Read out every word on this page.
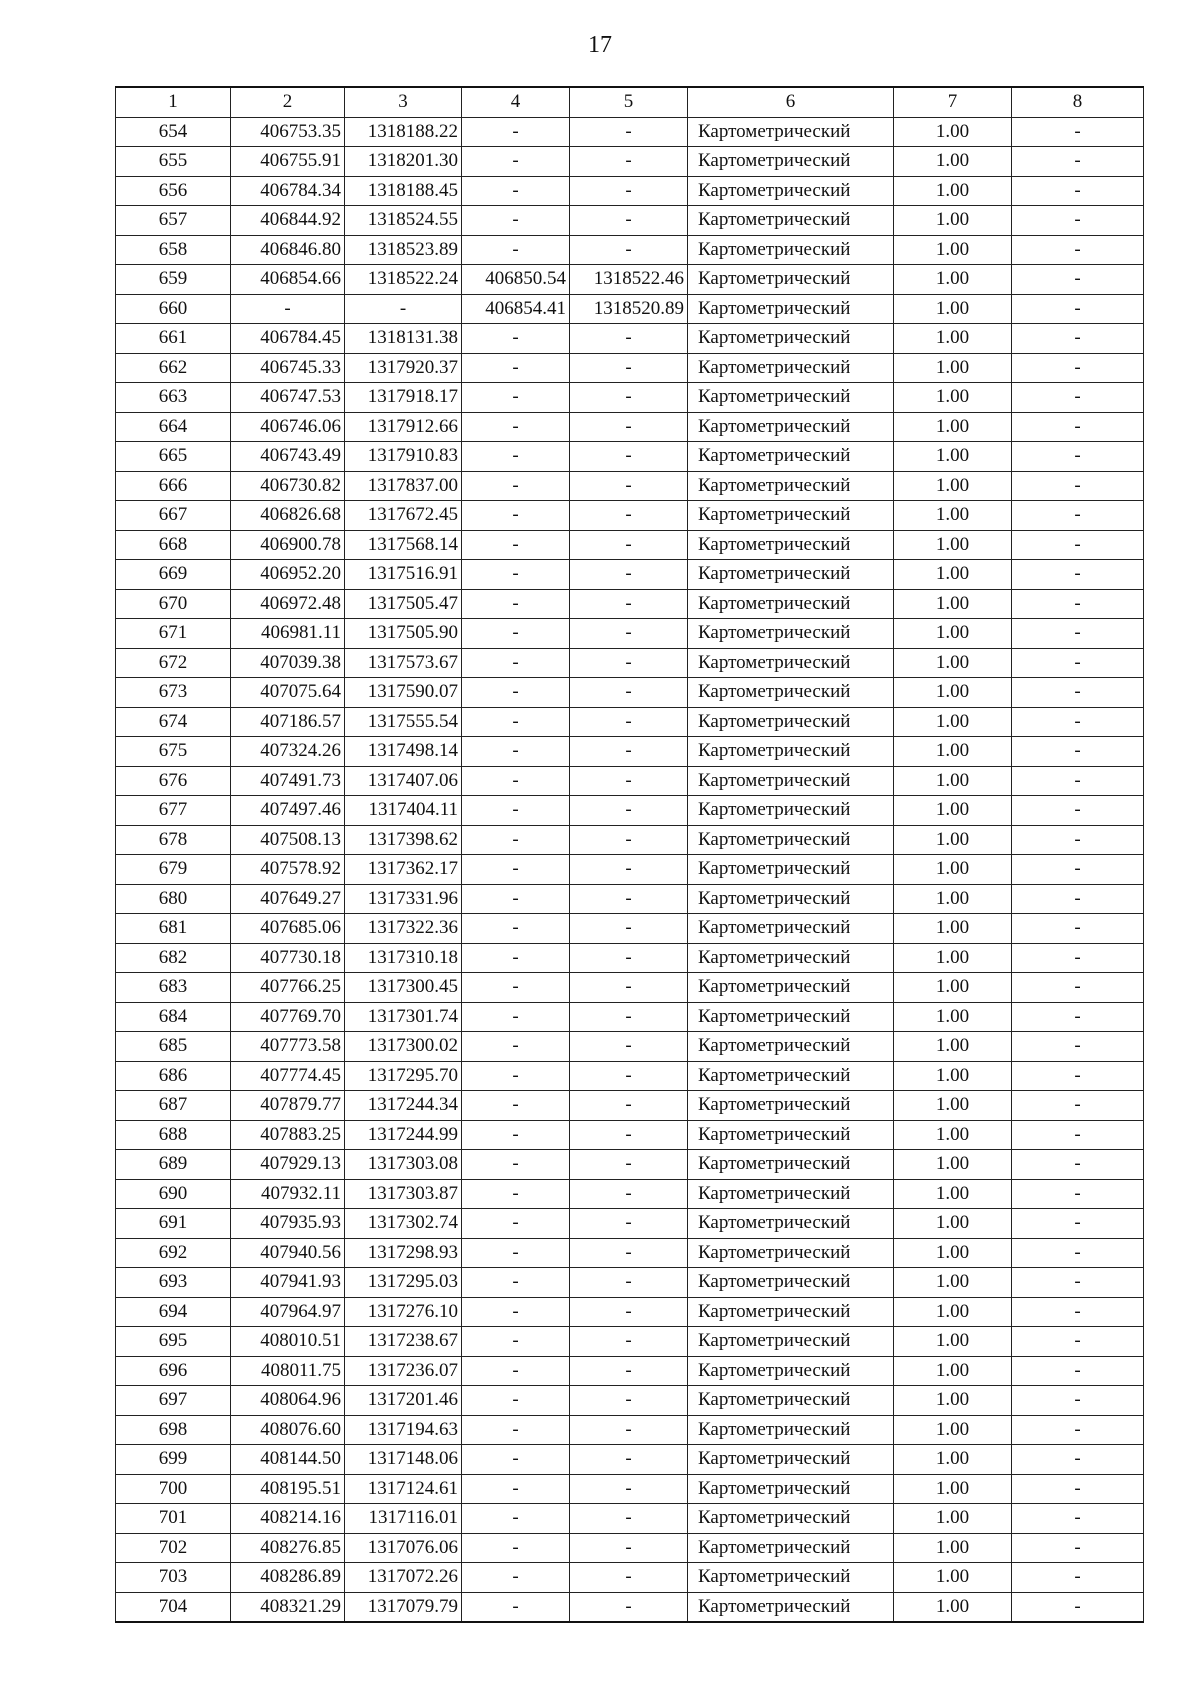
17
1	2	3	4	5	6	7	8
654	406753.35	1318188.22	-	-	Картометрический	1.00	-
655	406755.91	1318201.30	-	-	Картометрический	1.00	-
656	406784.34	1318188.45	-	-	Картометрический	1.00	-
657	406844.92	1318524.55	-	-	Картометрический	1.00	-
658	406846.80	1318523.89	-	-	Картометрический	1.00	-
659	406854.66	1318522.24	406850.54	1318522.46	Картометрический	1.00	-
660	-	-	406854.41	1318520.89	Картометрический	1.00	-
661	406784.45	1318131.38	-	-	Картометрический	1.00	-
662	406745.33	1317920.37	-	-	Картометрический	1.00	-
663	406747.53	1317918.17	-	-	Картометрический	1.00	-
664	406746.06	1317912.66	-	-	Картометрический	1.00	-
665	406743.49	1317910.83	-	-	Картометрический	1.00	-
666	406730.82	1317837.00	-	-	Картометрический	1.00	-
667	406826.68	1317672.45	-	-	Картометрический	1.00	-
668	406900.78	1317568.14	-	-	Картометрический	1.00	-
669	406952.20	1317516.91	-	-	Картометрический	1.00	-
670	406972.48	1317505.47	-	-	Картометрический	1.00	-
671	406981.11	1317505.90	-	-	Картометрический	1.00	-
672	407039.38	1317573.67	-	-	Картометрический	1.00	-
673	407075.64	1317590.07	-	-	Картометрический	1.00	-
674	407186.57	1317555.54	-	-	Картометрический	1.00	-
675	407324.26	1317498.14	-	-	Картометрический	1.00	-
676	407491.73	1317407.06	-	-	Картометрический	1.00	-
677	407497.46	1317404.11	-	-	Картометрический	1.00	-
678	407508.13	1317398.62	-	-	Картометрический	1.00	-
679	407578.92	1317362.17	-	-	Картометрический	1.00	-
680	407649.27	1317331.96	-	-	Картометрический	1.00	-
681	407685.06	1317322.36	-	-	Картометрический	1.00	-
682	407730.18	1317310.18	-	-	Картометрический	1.00	-
683	407766.25	1317300.45	-	-	Картометрический	1.00	-
684	407769.70	1317301.74	-	-	Картометрический	1.00	-
685	407773.58	1317300.02	-	-	Картометрический	1.00	-
686	407774.45	1317295.70	-	-	Картометрический	1.00	-
687	407879.77	1317244.34	-	-	Картометрический	1.00	-
688	407883.25	1317244.99	-	-	Картометрический	1.00	-
689	407929.13	1317303.08	-	-	Картометрический	1.00	-
690	407932.11	1317303.87	-	-	Картометрический	1.00	-
691	407935.93	1317302.74	-	-	Картометрический	1.00	-
692	407940.56	1317298.93	-	-	Картометрический	1.00	-
693	407941.93	1317295.03	-	-	Картометрический	1.00	-
694	407964.97	1317276.10	-	-	Картометрический	1.00	-
695	408010.51	1317238.67	-	-	Картометрический	1.00	-
696	408011.75	1317236.07	-	-	Картометрический	1.00	-
697	408064.96	1317201.46	-	-	Картометрический	1.00	-
698	408076.60	1317194.63	-	-	Картометрический	1.00	-
699	408144.50	1317148.06	-	-	Картометрический	1.00	-
700	408195.51	1317124.61	-	-	Картометрический	1.00	-
701	408214.16	1317116.01	-	-	Картометрический	1.00	-
702	408276.85	1317076.06	-	-	Картометрический	1.00	-
703	408286.89	1317072.26	-	-	Картометрический	1.00	-
704	408321.29	1317079.79	-	-	Картометрический	1.00	-
